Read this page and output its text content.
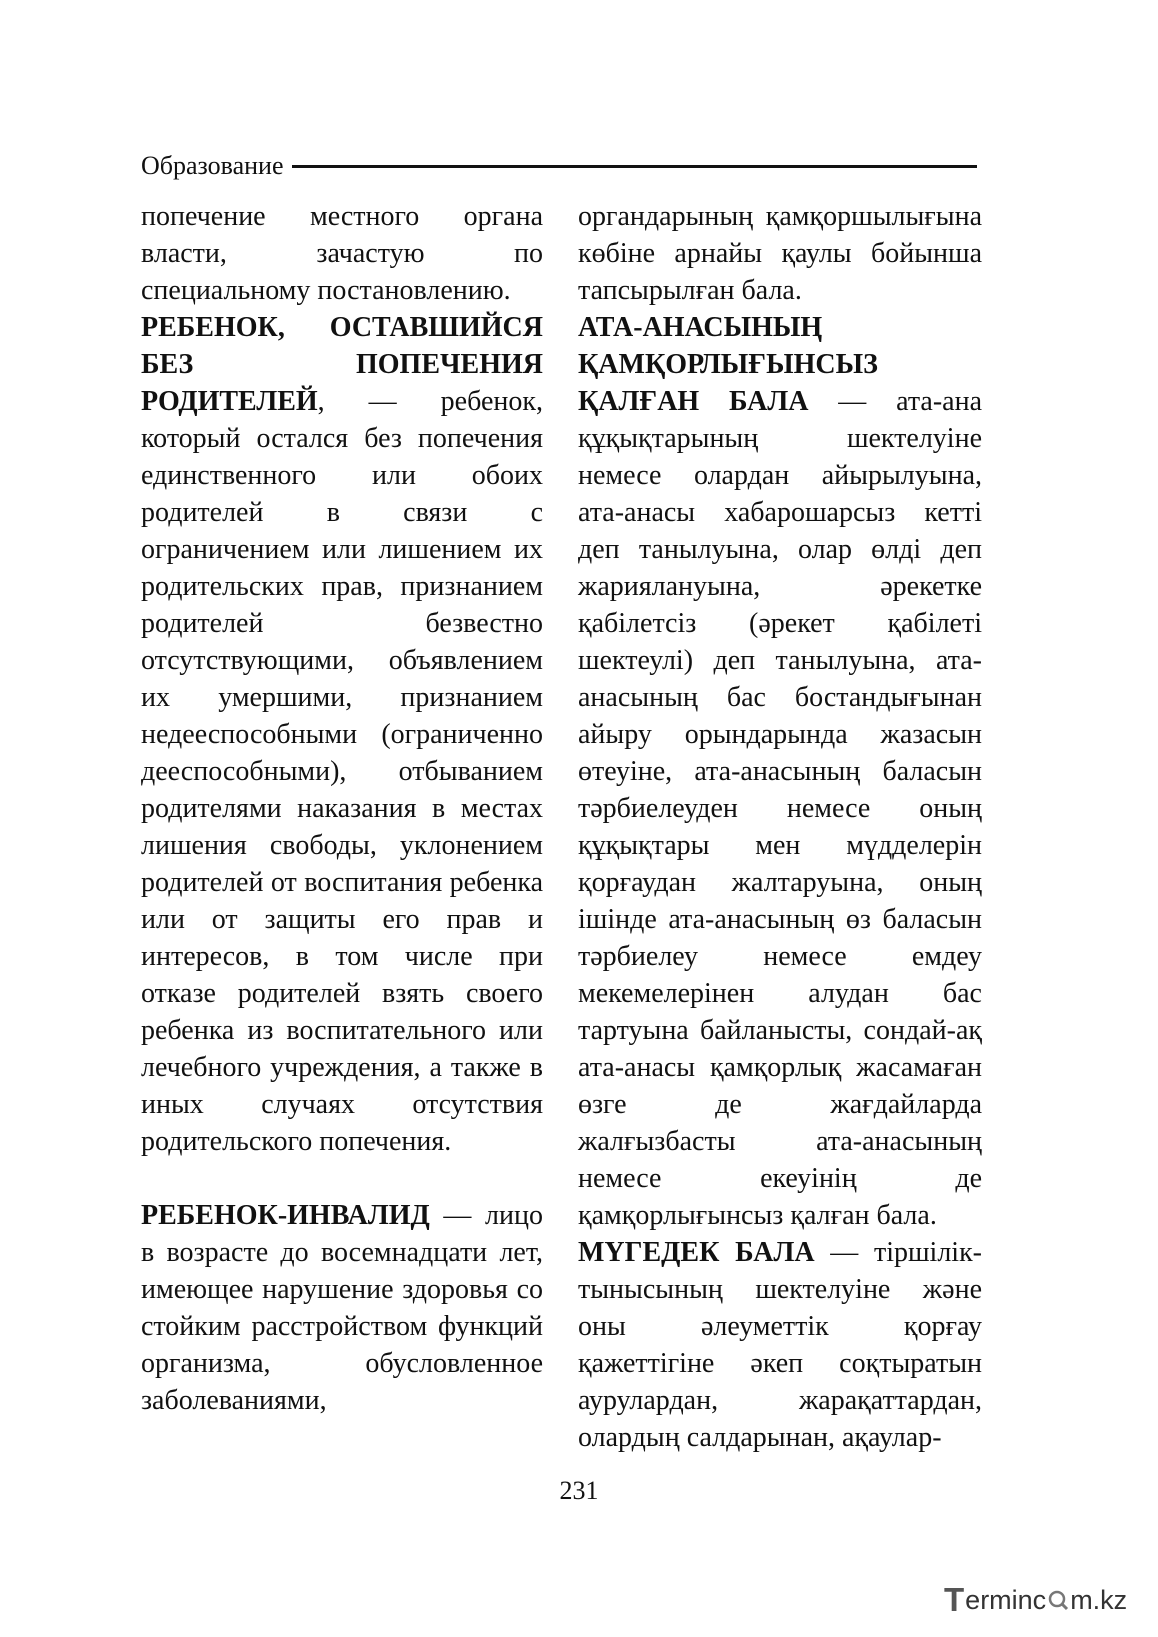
Образование

попечение местного органа власти, зачастую по специальному постановлению.

РЕБЕНОК, ОСТАВШИЙСЯ БЕЗ ПОПЕЧЕНИЯ РОДИТЕЛЕЙ, — ребенок, который остался без попечения единственного или обоих родителей в связи с ограничением или лишением их родительских прав, признанием родителей безвестно отсутствующими, объявлением их умершими, признанием недееспособными (ограниченно дееспособными), отбыванием родителями наказания в местах лишения свободы, уклонением родителей от воспитания ребенка или от защиты его прав и интересов, в том числе при отказе родителей взять своего ребенка из воспитательного или лечебного учреждения, а также в иных случаях отсутствия родительского попечения.

РЕБЕНОК-ИНВАЛИД — лицо в возрасте до восемнадцати лет, имеющее нарушение здоровья со стойким расстройством функций организма, обусловленное заболеваниями,

органдарының қамқоршылығына көбіне арнайы қаулы бойынша тапсырылған бала.

АТА-АНАСЫНЫҢ ҚАМҚОРЛЫҒЫНСЫЗ ҚАЛҒАН БАЛА — ата-ана құқықтарының шектелуіне немесе олардан айырылуына, ата-анасы хабарошарсыз кетті деп танылуына, олар өлді деп жариялануына, әрекетке қабілетсіз (әрекет қабілеті шектеулі) деп танылуына, ата-анасының бас бостандығынан айыру орындарында жазасын өтеуіне, ата-анасының баласын тәрбиелеуден немесе оның құқықтары мен мүдделерін қорғаудан жалтаруына, оның ішінде ата-анасының өз баласын тәрбиелеу немесе емдеу мекемелерінен алудан бас тартуына байланысты, сондай-ақ ата-анасы қамқорлық жасамаған өзге де жағдайларда жалғызбасты ата-анасының немесе екеуінің де қамқорлығынсыз қалған бала.

МҮГЕДЕК БАЛА — тіршілік-тынысының шектелуіне және оны әлеуметтік қорғау қажеттігіне әкеп соқтыратын аурулардан, жарақаттардан, олардың салдарынан, ақаулар-

231
T erminc m.kz
